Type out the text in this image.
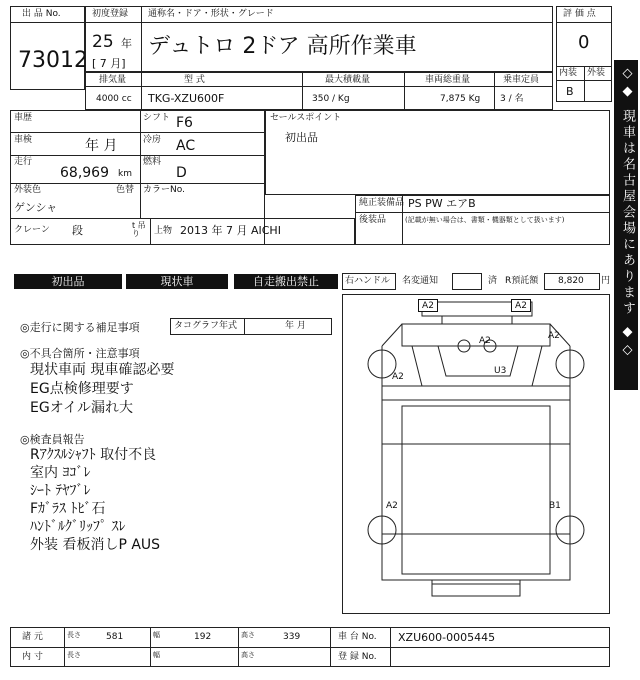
出 品 No.
73012
初度登録 通称名・ドア・形状・グレード
25 年
[ 7 月]
デュトロ 2ドア 高所作業車
評 価 点
0
内装 外装
B
排気量	型 式	最大積載量	車両総重量	乗車定員
4000 cc TKG-XZU600F	350 / Kg	7,875 Kg 3 / 名
車歴	シフト F6
車検	年 月	冷房 AC
走行
68,969 km
燃料
D
外装色
ゲンシャ
色替 カラーNo.
クレーン 段	t 吊り
セールスポイント
初出品
純正装備品 PS PW エアB
後装品	(記載が無い場合は、書類・機器類として扱います)
上物 2013 年 7 月 AICHI
初出品	現状車	自走搬出禁止	右ハンドル 名変通知	済 R預託額 8,820 円
◎走行に関する補足事項	タコグラフ年式	年 月
◎不具合箇所・注意事項
現状車両 現車確認必要
EG点検修理要す
EGオイル漏れ大
◎検査員報告
Rｱｸｽﾙｼｬﾌﾄ 取付不良
室内 ﾖｺﾞﾚ
ｼｰﾄ ﾃﾔﾌﾞﾚ
Fｶﾞﾗｽ ﾄﾋﾞ石
ﾊﾝﾄﾞﾙｸﾞﾘｯﾌﾟ ｽﾚ
外装 看板消しP AUS
A2	A2
A2	A2
A2
U3
A2	B1
◇◆ 現車は名古屋会場にあります ◆◇
諸 元	長さ	581	幅	192	高さ	339	車 台 No. XZU600-0005445
内 寸	長さ	幅	高さ	登 録 No.
